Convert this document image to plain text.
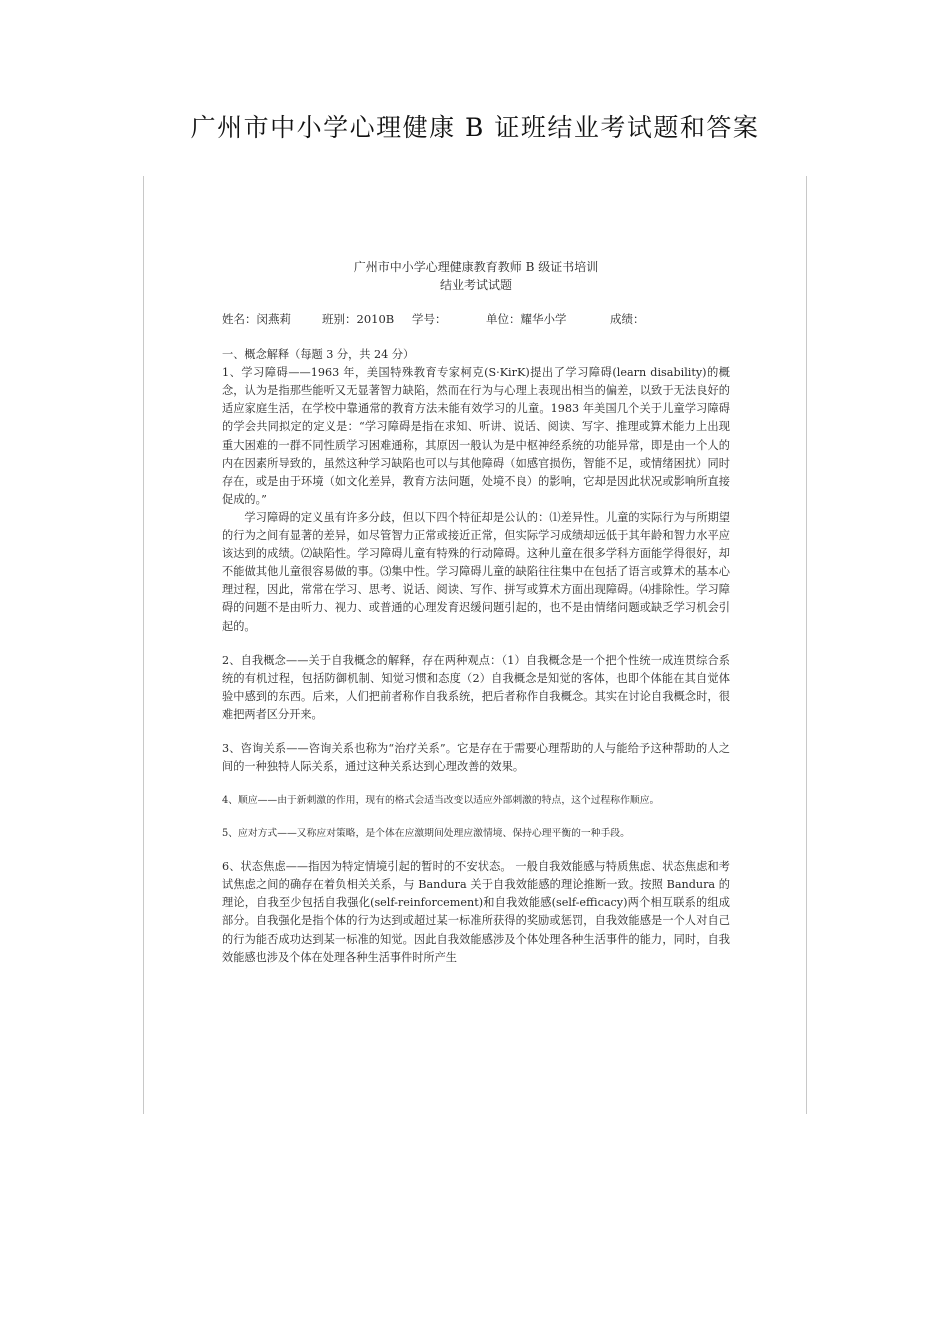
广州市中小学心理健康 B 证班结业考试题和答案
广州市中小学心理健康教育教师 B 级证书培训
结业考试试题
姓名：闵燕莉	班别：2010B	学号：	单位：耀华小学	成绩：
一、概念解释（每题 3 分，共 24 分）

1、学习障碍——1963 年，美国特殊教育专家柯克(S·KirK)提出了学习障碍(learn disability)的概念，认为是指那些能听又无显著智力缺陷，然而在行为与心理上表现出相当的偏差，以致于无法良好的适应家庭生活，在学校中靠通常的教育方法未能有效学习的儿童。1983 年美国几个关于儿童学习障碍的学会共同拟定的定义是：“学习障碍是指在求知、听讲、说话、阅读、写字、推理或算术能力上出现重大困难的一群不同性质学习困难通称，其原因一般认为是中枢神经系统的功能异常，即是由一个人的内在因素所导致的，虽然这种学习缺陷也可以与其他障碍（如感官损伤，智能不足，或情绪困扰）同时存在，或是由于环境（如文化差异，教育方法问题，处境不良）的影响，它却是因此状况或影响所直接促成的。”

学习障碍的定义虽有许多分歧，但以下四个特征却是公认的：⑴差异性。儿童的实际行为与所期望的行为之间有显著的差异，如尽管智力正常或接近正常，但实际学习成绩却远低于其年龄和智力水平应该达到的成绩。⑵缺陷性。学习障碍儿童有特殊的行动障碍。这种儿童在很多学科方面能学得很好，却不能做其他儿童很容易做的事。⑶集中性。学习障碍儿童的缺陷往往集中在包括了语言或算术的基本心理过程，因此，常常在学习、思考、说话、阅读、写作、拼写或算术方面出现障碍。⑷排除性。学习障碍的问题不是由听力、视力、或普通的心理发育迟缓问题引起的，也不是由情绪问题或缺乏学习机会引起的。

2、自我概念——关于自我概念的解释，存在两种观点：（1）自我概念是一个把个性统一成连贯综合系统的有机过程，包括防御机制、知觉习惯和态度（2）自我概念是知觉的客体，也即个体能在其自觉体验中感到的东西。后来，人们把前者称作自我系统，把后者称作自我概念。其实在讨论自我概念时，很难把两者区分开来。

3、咨询关系——咨询关系也称为“治疗关系”。它是存在于需要心理帮助的人与能给予这种帮助的人之间的一种独特人际关系，通过这种关系达到心理改善的效果。

4、顺应——由于新刺激的作用，现有的格式会适当改变以适应外部刺激的特点，这个过程称作顺应。

5、应对方式——又称应对策略，是个体在应激期间处理应激情境、保持心理平衡的一种手段。

6、状态焦虑——指因为特定情境引起的暂时的不安状态。 一般自我效能感与特质焦虑、状态焦虑和考试焦虑之间的确存在着负相关关系，与 Bandura 关于自我效能感的理论推断一致。按照 Bandura 的理论，自我至少包括自我强化(self-reinforcement)和自我效能感(self-efficacy)两个相互联系的组成部分。自我强化是指个体的行为达到或超过某一标准所获得的奖励或惩罚，自我效能感是一个人对自己的行为能否成功达到某一标准的知觉。因此自我效能感涉及个体处理各种生活事件的能力，同时，自我效能感也涉及个体在处理各种生活事件时所产生
